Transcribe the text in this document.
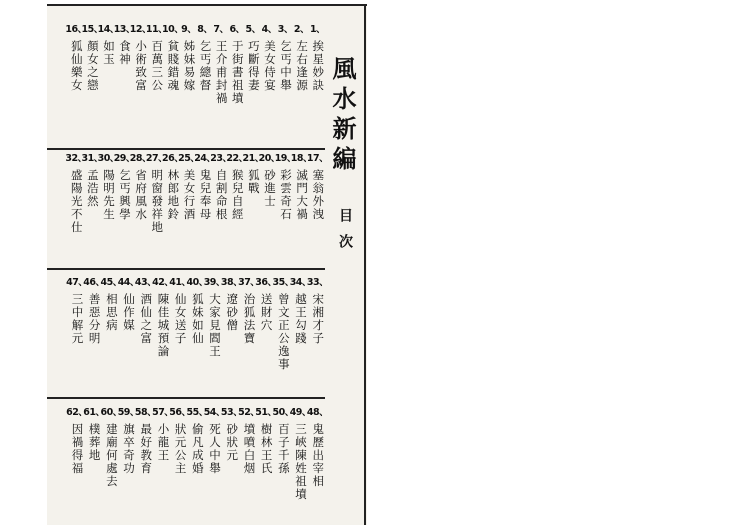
1、
挨星妙訣
2、
左右逢源
3、
乞丐中舉
4、
美女侍宴
5、
巧斷得妻
6、
于街書祖墳
7、
王介甫封禍
8、
乞丐總督
9、
姊妹易嫁
10、
貧賤錯魂
11、
百萬三公
12、
小術致富
13、
食神
14、
如玉
15、
顏女之戀
16、
狐仙樂女
17、
塞翁外洩
18、
滅門大禍
19、
彩雲奇石
20、
砂進士
21、
狐戰
22、
猴兒自經
23、
自割命根
24、
鬼兒奉母
25、
美女行酒
26、
林郎地鈴
27、
明窗發祥地
28、
省府風水
29、
乞丐興學
30、
陽明先生
31、
孟浩然
32、
盛陽光不仕
33、
宋湘才子
34、
越王勾踐
35、
曾文正公逸事
36、
送財穴
37、
治狐法寶
38、
遼砂僧
39、
大家見閻王
40、
狐妹如仙
41、
仙女送子
42、
陳佳城預論
43、
酒仙之富
44、
仙作媒
45、
相思病
46、
善惡分明
47、
三中解元
48、
鬼歷出宰相
49、
三峽陳姓祖墳
50、
百子千孫
51、
樹林王氏
52、
墳噴白烟
53、
砂狀元
54、
死人中舉
55、
偷凡成婚
56、
狀元公主
57、
小龍王
58、
最好教育
59、
旗卒奇功
60、
建廟何處去
61、
樸葬地
62、
因禍得福
風水新編
目次
